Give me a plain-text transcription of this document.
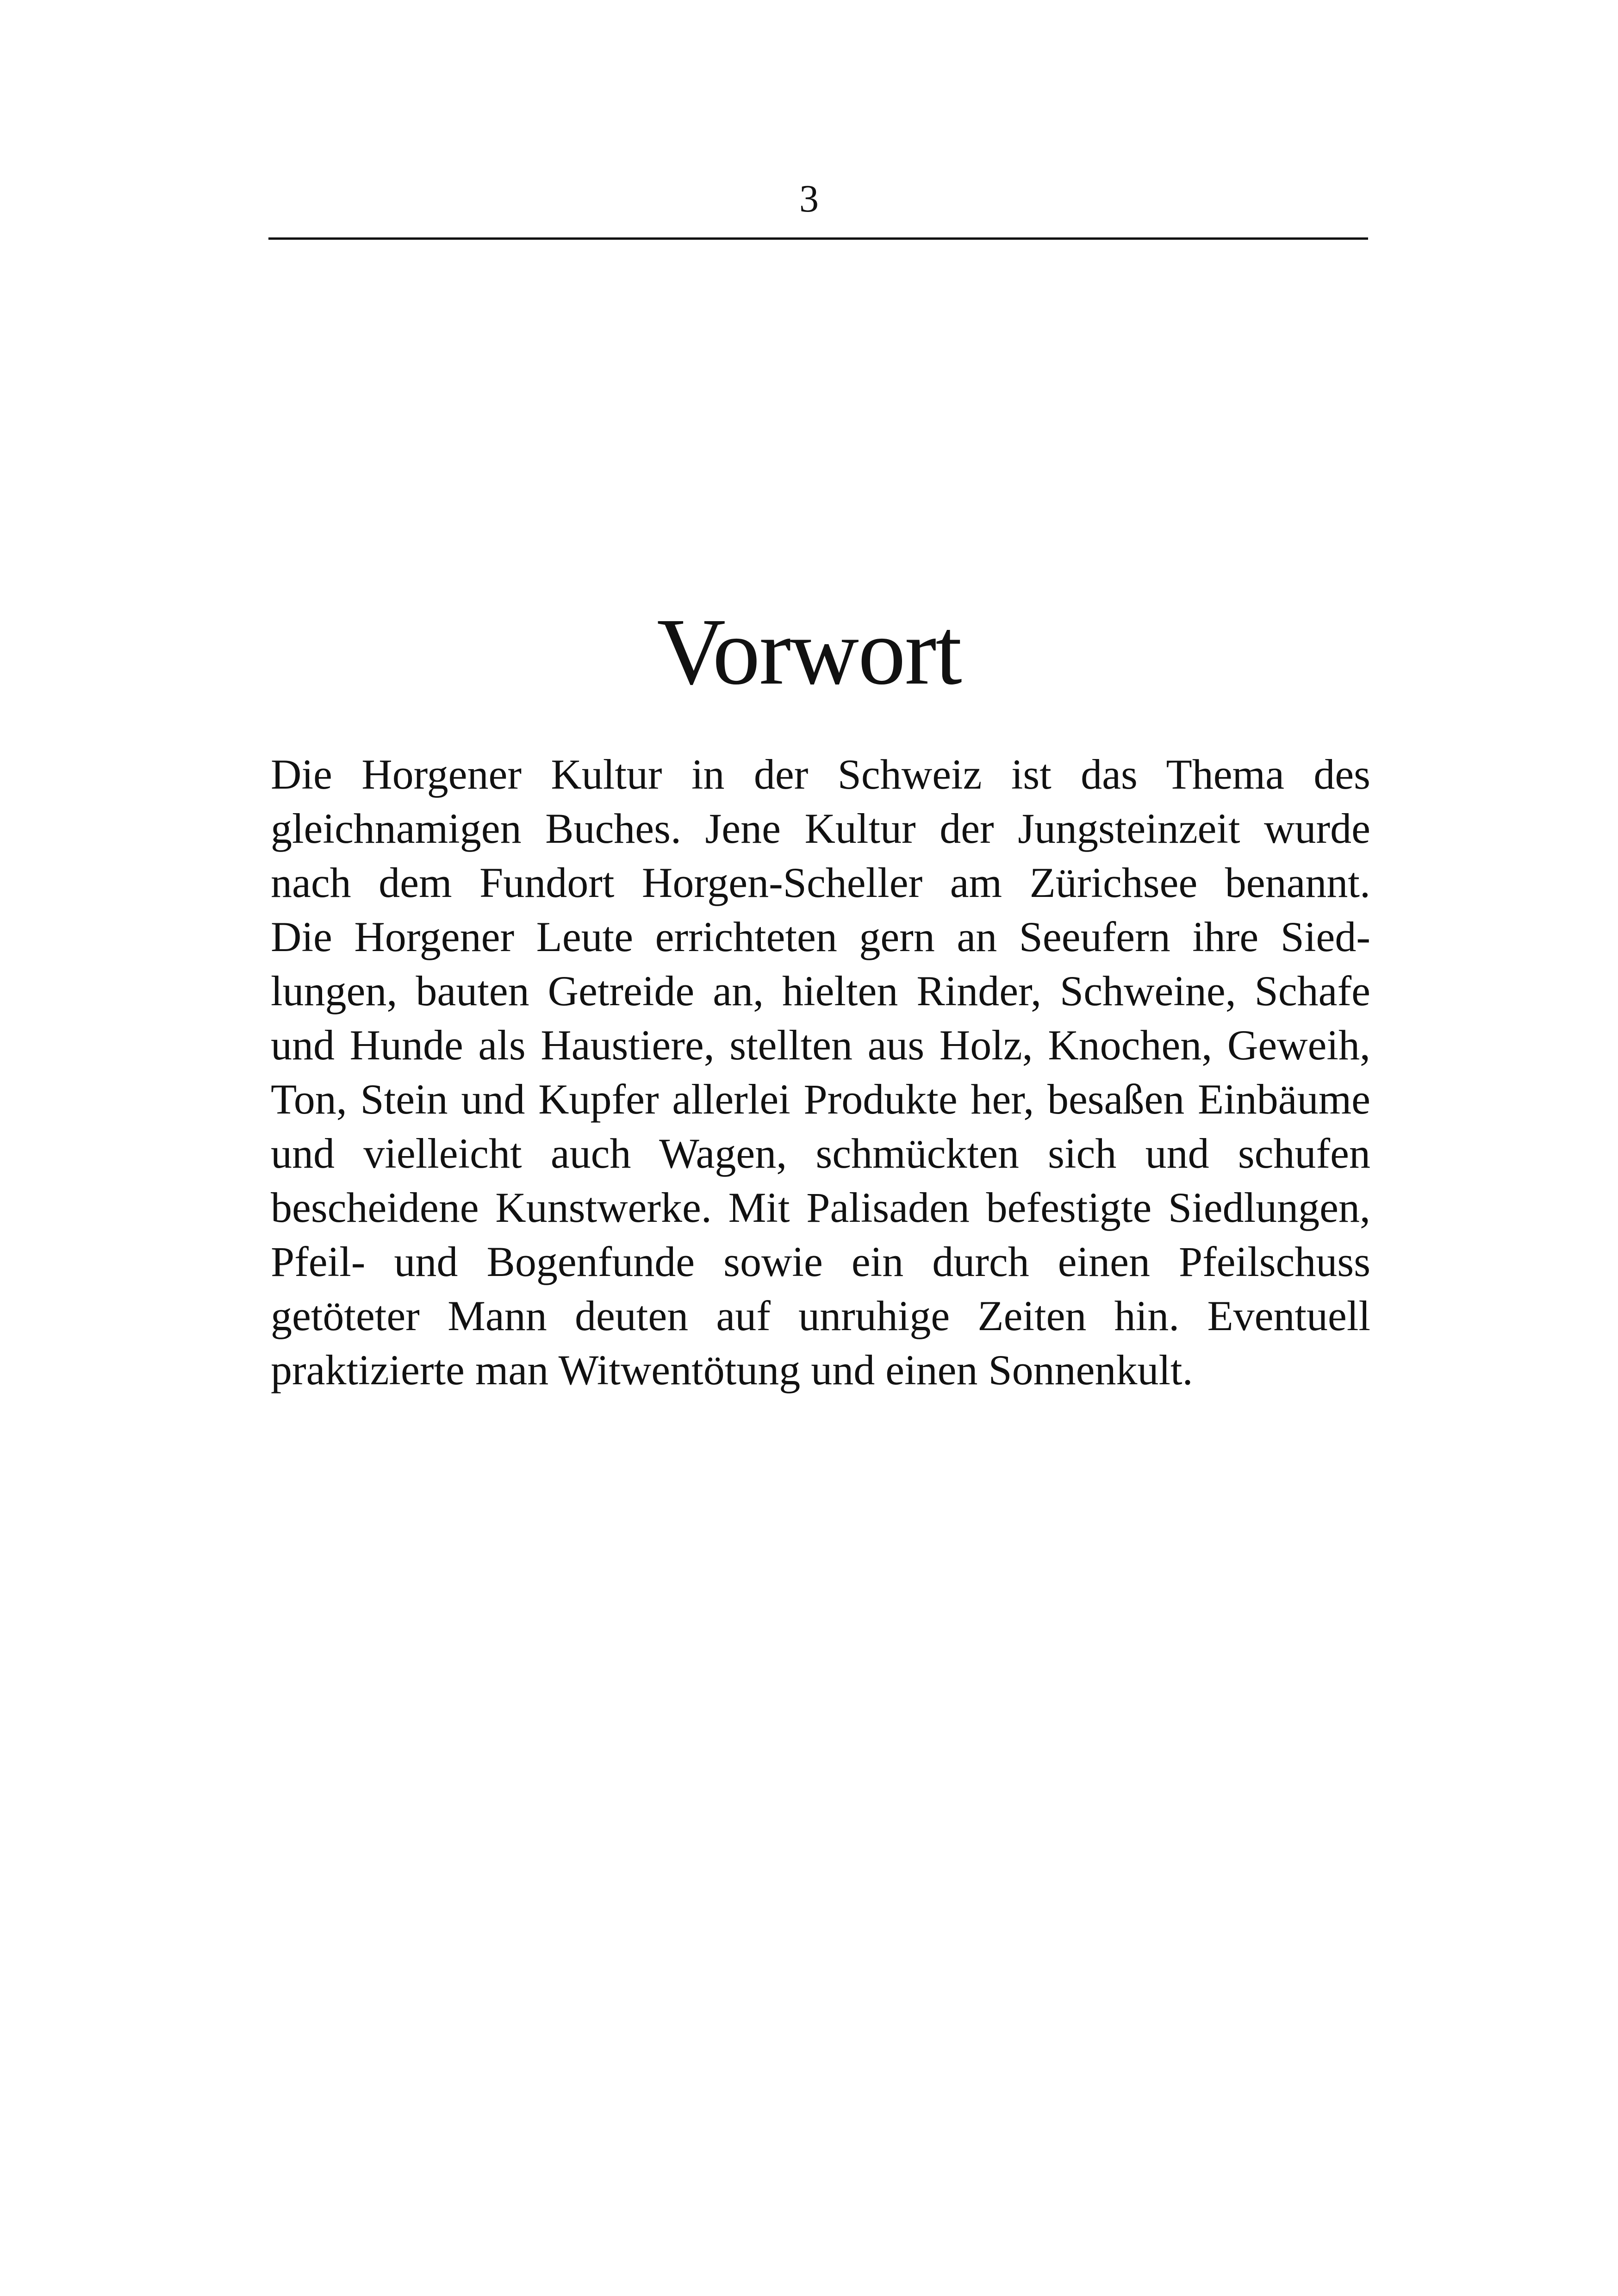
3
Vorwort
Die Horgener Kultur in der Schweiz ist das Thema des
gleichnamigen Buches. Jene Kultur der Jungsteinzeit wurde
nach dem Fundort Horgen-Scheller am Zürichsee benannt.
Die Horgener Leute errichteten gern an Seeufern ihre Sied-
lungen, bauten Getreide an, hielten Rinder, Schweine, Schafe
und Hunde als Haustiere, stellten aus Holz, Knochen, Geweih,
Ton, Stein und Kupfer allerlei Produkte her, besaßen Einbäume
und vielleicht auch Wagen, schmückten sich und schufen
bescheidene Kunstwerke. Mit Palisaden befestigte Siedlungen,
Pfeil- und Bogenfunde sowie ein durch einen Pfeilschuss
getöteter Mann deuten auf unruhige Zeiten hin. Eventuell
praktizierte man Witwentötung und einen Sonnenkult.
